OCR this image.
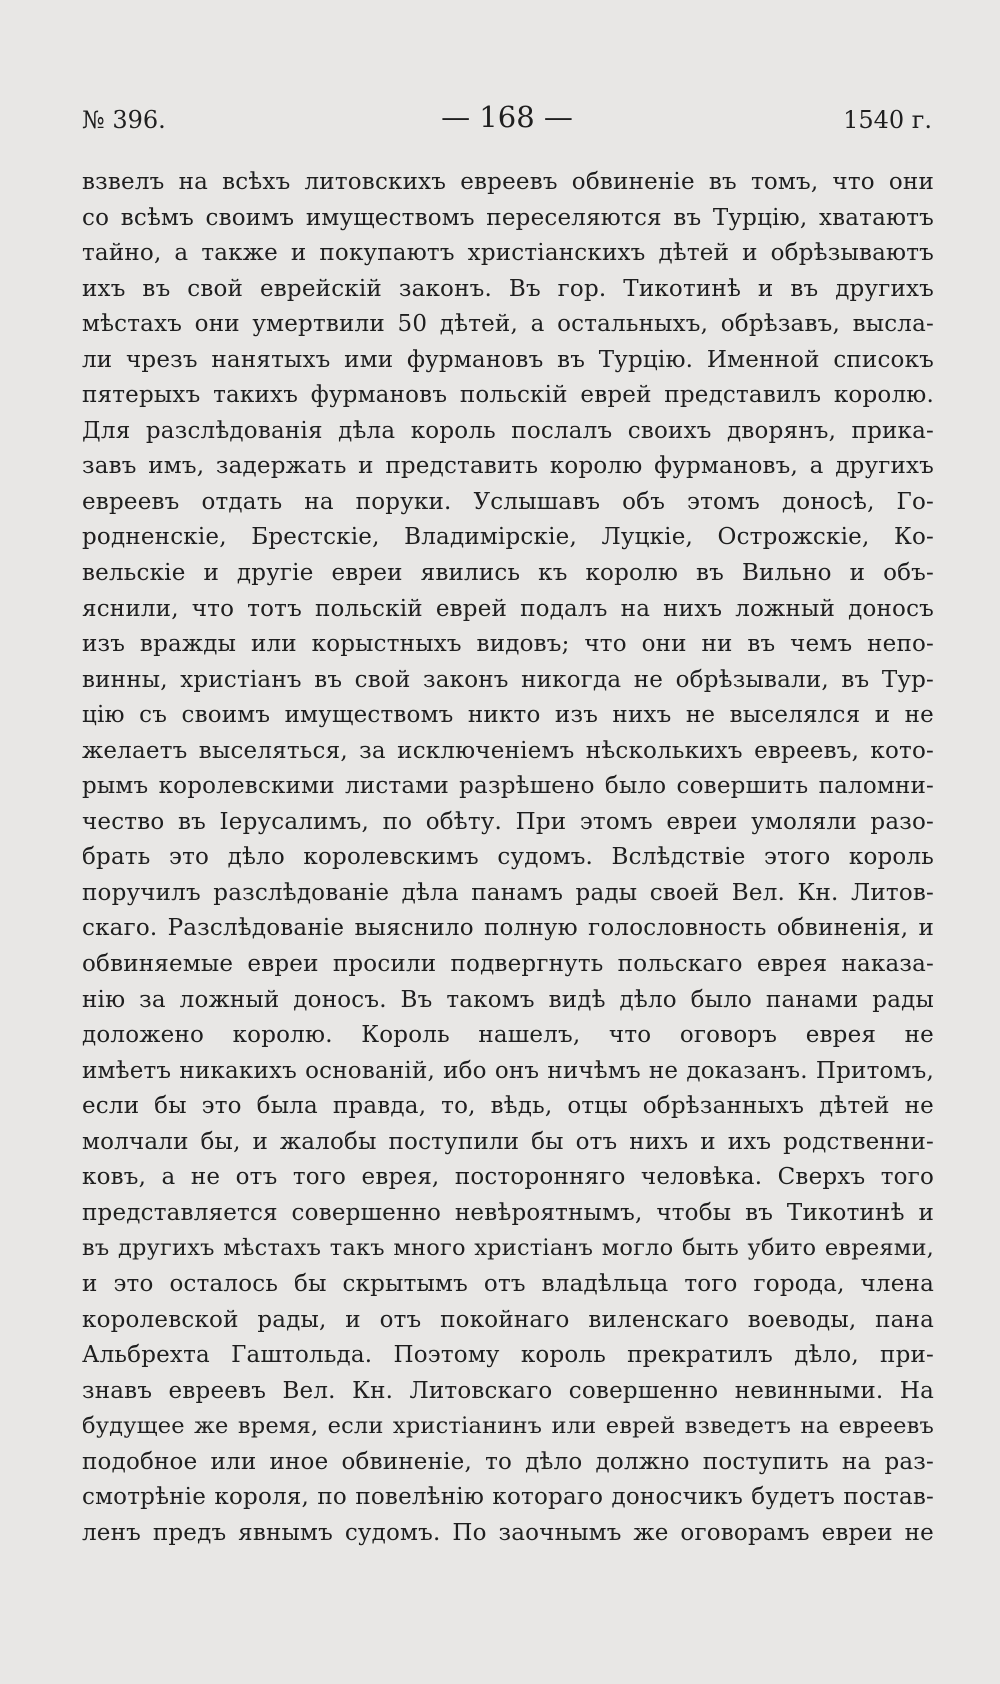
№ 396.	— 168 —	1540 г.
взвелъ на всѣхъ литовскихъ евреевъ обвиненіе въ томъ, что они
со всѣмъ своимъ имуществомъ переселяются въ Турцію, хватаютъ
тайно, а также и покупаютъ христіанскихъ дѣтей и обрѣзываютъ
ихъ въ свой еврейскій законъ. Въ гор. Тикотинѣ и въ другихъ
мѣстахъ они умертвили 50 дѣтей, а остальныхъ, обрѣзавъ, высла-
ли чрезъ нанятыхъ ими фурмановъ въ Турцію. Именной списокъ
пятерыхъ такихъ фурмановъ польскій еврей представилъ королю.
Для разслѣдованія дѣла король послалъ своихъ дворянъ, прика-
завъ имъ, задержать и представить королю фурмановъ, а другихъ
евреевъ отдать на поруки. Услышавъ объ этомъ доносѣ, Го-
родненскіе, Брестскіе, Владимірскіе, Луцкіе, Острожскіе, Ко-
вельскіе и другіе евреи явились къ королю въ Вильно и объ-
яснили, что тотъ польскій еврей подалъ на нихъ ложный доносъ
изъ вражды или корыстныхъ видовъ; что они ни въ чемъ непо-
винны, христіанъ въ свой законъ никогда не обрѣзывали, въ Тур-
цію съ своимъ имуществомъ никто изъ нихъ не выселялся и не
желаетъ выселяться, за исключеніемъ нѣсколькихъ евреевъ, кото-
рымъ королевскими листами разрѣшено было совершить паломни-
чество въ Іерусалимъ, по обѣту. При этомъ евреи умоляли разо-
брать это дѣло королевскимъ судомъ. Вслѣдствіе этого король
поручилъ разслѣдованіе дѣла панамъ рады своей Вел. Кн. Литов-
скаго. Разслѣдованіе выяснило полную голословность обвиненія, и
обвиняемые евреи просили подвергнуть польскаго еврея наказа-
нію за ложный доносъ. Въ такомъ видѣ дѣло было панами рады
доложено королю. Король нашелъ, что оговоръ еврея не
имѣетъ никакихъ основаній, ибо онъ ничѣмъ не доказанъ. Притомъ,
если бы это была правда, то, вѣдь, отцы обрѣзанныхъ дѣтей не
молчали бы, и жалобы поступили бы отъ нихъ и ихъ родственни-
ковъ, а не отъ того еврея, посторонняго человѣка. Сверхъ того
представляется совершенно невѣроятнымъ, чтобы въ Тикотинѣ и
въ другихъ мѣстахъ такъ много христіанъ могло быть убито евреями,
и это осталось бы скрытымъ отъ владѣльца того города, члена
королевской рады, и отъ покойнаго виленскаго воеводы, пана
Альбрехта Гаштольда. Поэтому король прекратилъ дѣло, при-
знавъ евреевъ Вел. Кн. Литовскаго совершенно невинными. На
будущее же время, если христіанинъ или еврей взведетъ на евреевъ
подобное или иное обвиненіе, то дѣло должно поступить на раз-
смотрѣніе короля, по повелѣнію котораго доносчикъ будетъ постав-
ленъ предъ явнымъ судомъ. По заочнымъ же оговорамъ евреи не
